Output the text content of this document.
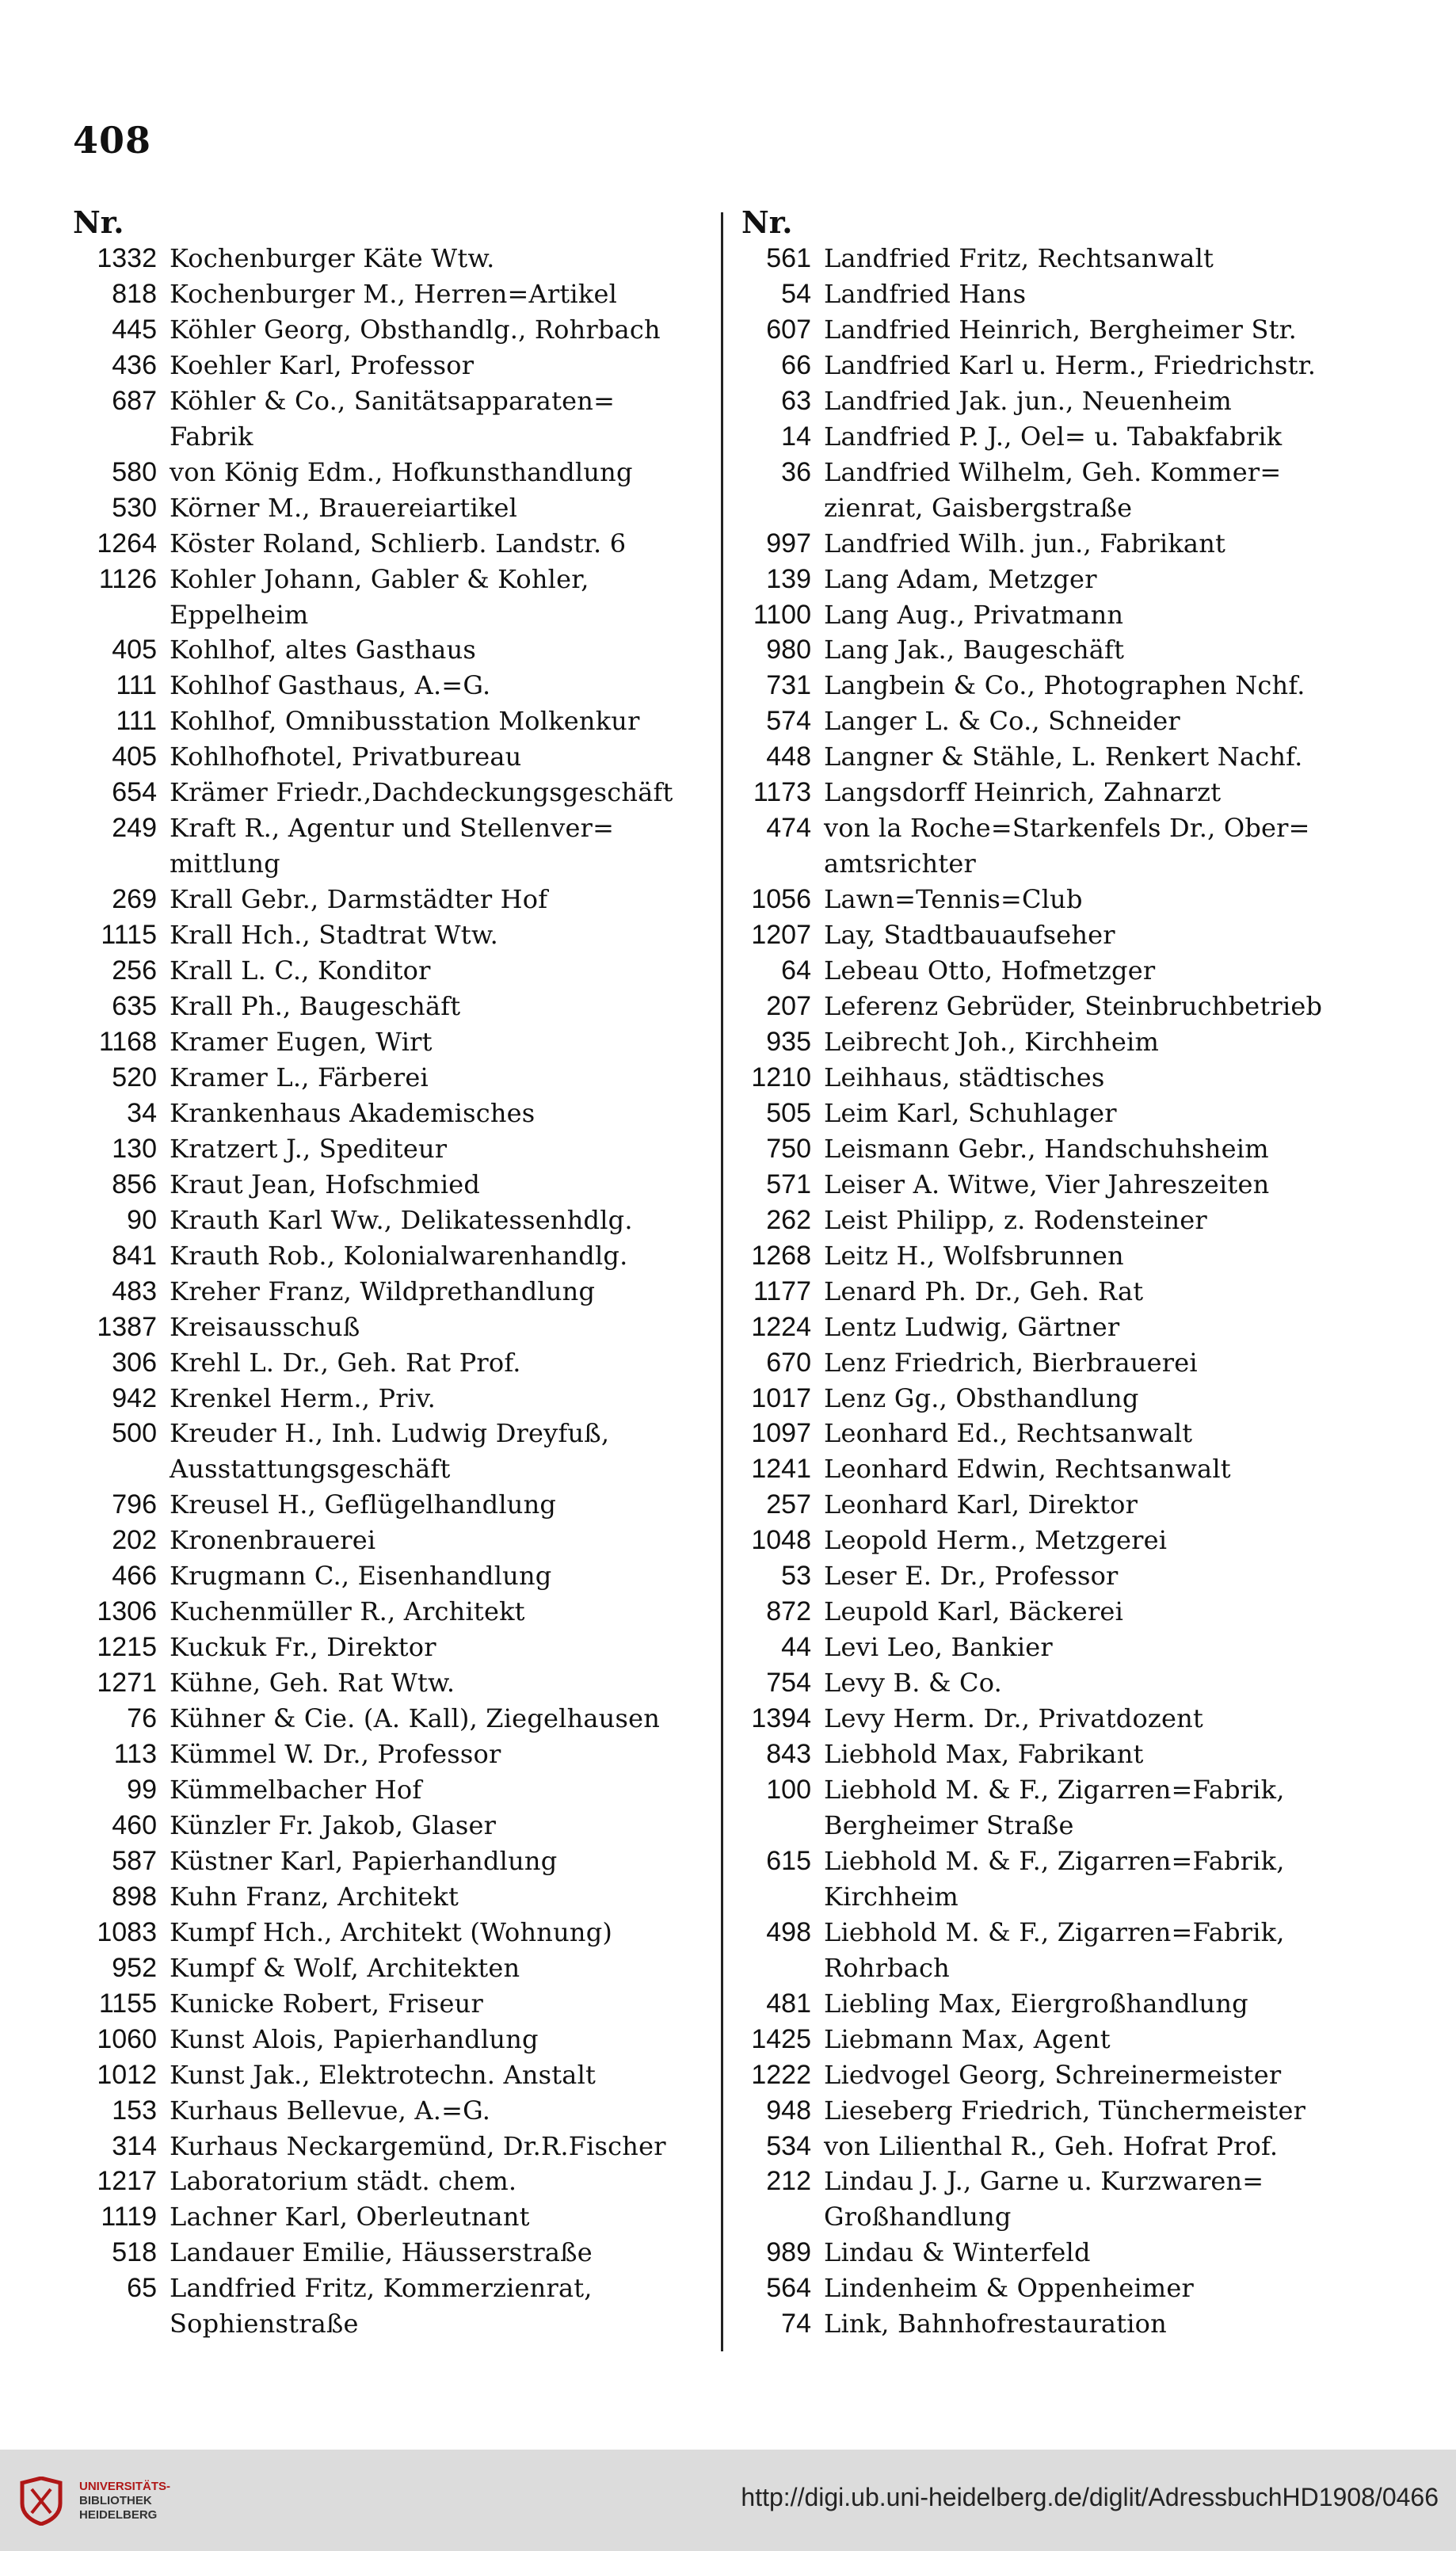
408
Nr.
1332 Kochenburger Käte Wtw.
818 Kochenburger M., Herren=Artikel
445 Köhler Georg, Obsthandlg., Rohrbach
436 Koehler Karl, Professor
687 Köhler & Co., Sanitätsapparaten=
Fabrik
580 von König Edm., Hofkunsthandlung
530 Körner M., Brauereiartikel
1264 Köster Roland, Schlierb. Landstr. 6
1126 Kohler Johann, Gabler & Kohler,
Eppelheim
405 Kohlhof, altes Gasthaus
111 Kohlhof Gasthaus, A.=G.
111 Kohlhof, Omnibusstation Molkenkur
405 Kohlhofhotel, Privatbureau
654 Krämer Friedr.,Dachdeckungsgeschäft
249 Kraft R., Agentur und Stellenver=
mittlung
269 Krall Gebr., Darmstädter Hof
1115 Krall Hch., Stadtrat Wtw.
256 Krall L. C., Konditor
635 Krall Ph., Baugeschäft
1168 Kramer Eugen, Wirt
520 Kramer L., Färberei
34 Krankenhaus Akademisches
130 Kratzert J., Spediteur
856 Kraut Jean, Hofschmied
90 Krauth Karl Ww., Delikatessenhdlg.
841 Krauth Rob., Kolonialwarenhandlg.
483 Kreher Franz, Wildprethandlung
1387 Kreisausschuß
306 Krehl L. Dr., Geh. Rat Prof.
942 Krenkel Herm., Priv.
500 Kreuder H., Inh. Ludwig Dreyfuß,
Ausstattungsgeschäft
796 Kreusel H., Geflügelhandlung
202 Kronenbrauerei
466 Krugmann C., Eisenhandlung
1306 Kuchenmüller R., Architekt
1215 Kuckuk Fr., Direktor
1271 Kühne, Geh. Rat Wtw.
76 Kühner & Cie. (A. Kall), Ziegelhausen
113 Kümmel W. Dr., Professor
99 Kümmelbacher Hof
460 Künzler Fr. Jakob, Glaser
587 Küstner Karl, Papierhandlung
898 Kuhn Franz, Architekt
1083 Kumpf Hch., Architekt (Wohnung)
952 Kumpf & Wolf, Architekten
1155 Kunicke Robert, Friseur
1060 Kunst Alois, Papierhandlung
1012 Kunst Jak., Elektrotechn. Anstalt
153 Kurhaus Bellevue, A.=G.
314 Kurhaus Neckargemünd, Dr.R.Fischer
1217 Laboratorium städt. chem.
1119 Lachner Karl, Oberleutnant
518 Landauer Emilie, Häusserstraße
65 Landfried Fritz, Kommerzienrat,
Sophienstraße
Nr.
561 Landfried Fritz, Rechtsanwalt
54 Landfried Hans
607 Landfried Heinrich, Bergheimer Str.
66 Landfried Karl u. Herm., Friedrichstr.
63 Landfried Jak. jun., Neuenheim
14 Landfried P. J., Oel= u. Tabakfabrik
36 Landfried Wilhelm, Geh. Kommer=
zienrat, Gaisbergstraße
997 Landfried Wilh. jun., Fabrikant
139 Lang Adam, Metzger
1100 Lang Aug., Privatmann
980 Lang Jak., Baugeschäft
731 Langbein & Co., Photographen Nchf.
574 Langer L. & Co., Schneider
448 Langner & Stähle, L. Renkert Nachf.
1173 Langsdorff Heinrich, Zahnarzt
474 von la Roche=Starkenfels Dr., Ober=
amtsrichter
1056 Lawn=Tennis=Club
1207 Lay, Stadtbauaufseher
64 Lebeau Otto, Hofmetzger
207 Leferenz Gebrüder, Steinbruchbetrieb
935 Leibrecht Joh., Kirchheim
1210 Leihhaus, städtisches
505 Leim Karl, Schuhlager
750 Leismann Gebr., Handschuhsheim
571 Leiser A. Witwe, Vier Jahreszeiten
262 Leist Philipp, z. Rodensteiner
1268 Leitz H., Wolfsbrunnen
1177 Lenard Ph. Dr., Geh. Rat
1224 Lentz Ludwig, Gärtner
670 Lenz Friedrich, Bierbrauerei
1017 Lenz Gg., Obsthandlung
1097 Leonhard Ed., Rechtsanwalt
1241 Leonhard Edwin, Rechtsanwalt
257 Leonhard Karl, Direktor
1048 Leopold Herm., Metzgerei
53 Leser E. Dr., Professor
872 Leupold Karl, Bäckerei
44 Levi Leo, Bankier
754 Levy B. & Co.
1394 Levy Herm. Dr., Privatdozent
843 Liebhold Max, Fabrikant
100 Liebhold M. & F., Zigarren=Fabrik,
Bergheimer Straße
615 Liebhold M. & F., Zigarren=Fabrik,
Kirchheim
498 Liebhold M. & F., Zigarren=Fabrik,
Rohrbach
481 Liebling Max, Eiergroßhandlung
1425 Liebmann Max, Agent
1222 Liedvogel Georg, Schreinermeister
948 Lieseberg Friedrich, Tünchermeister
534 von Lilienthal R., Geh. Hofrat Prof.
212 Lindau J. J., Garne u. Kurzwaren=
Großhandlung
989 Lindau & Winterfeld
564 Lindenheim & Oppenheimer
74 Link, Bahnhofrestauration
UNIVERSITÄTS-
BIBLIOTHEK
HEIDELBERG
http://digi.ub.uni-heidelberg.de/diglit/AdressbuchHD1908/0466
